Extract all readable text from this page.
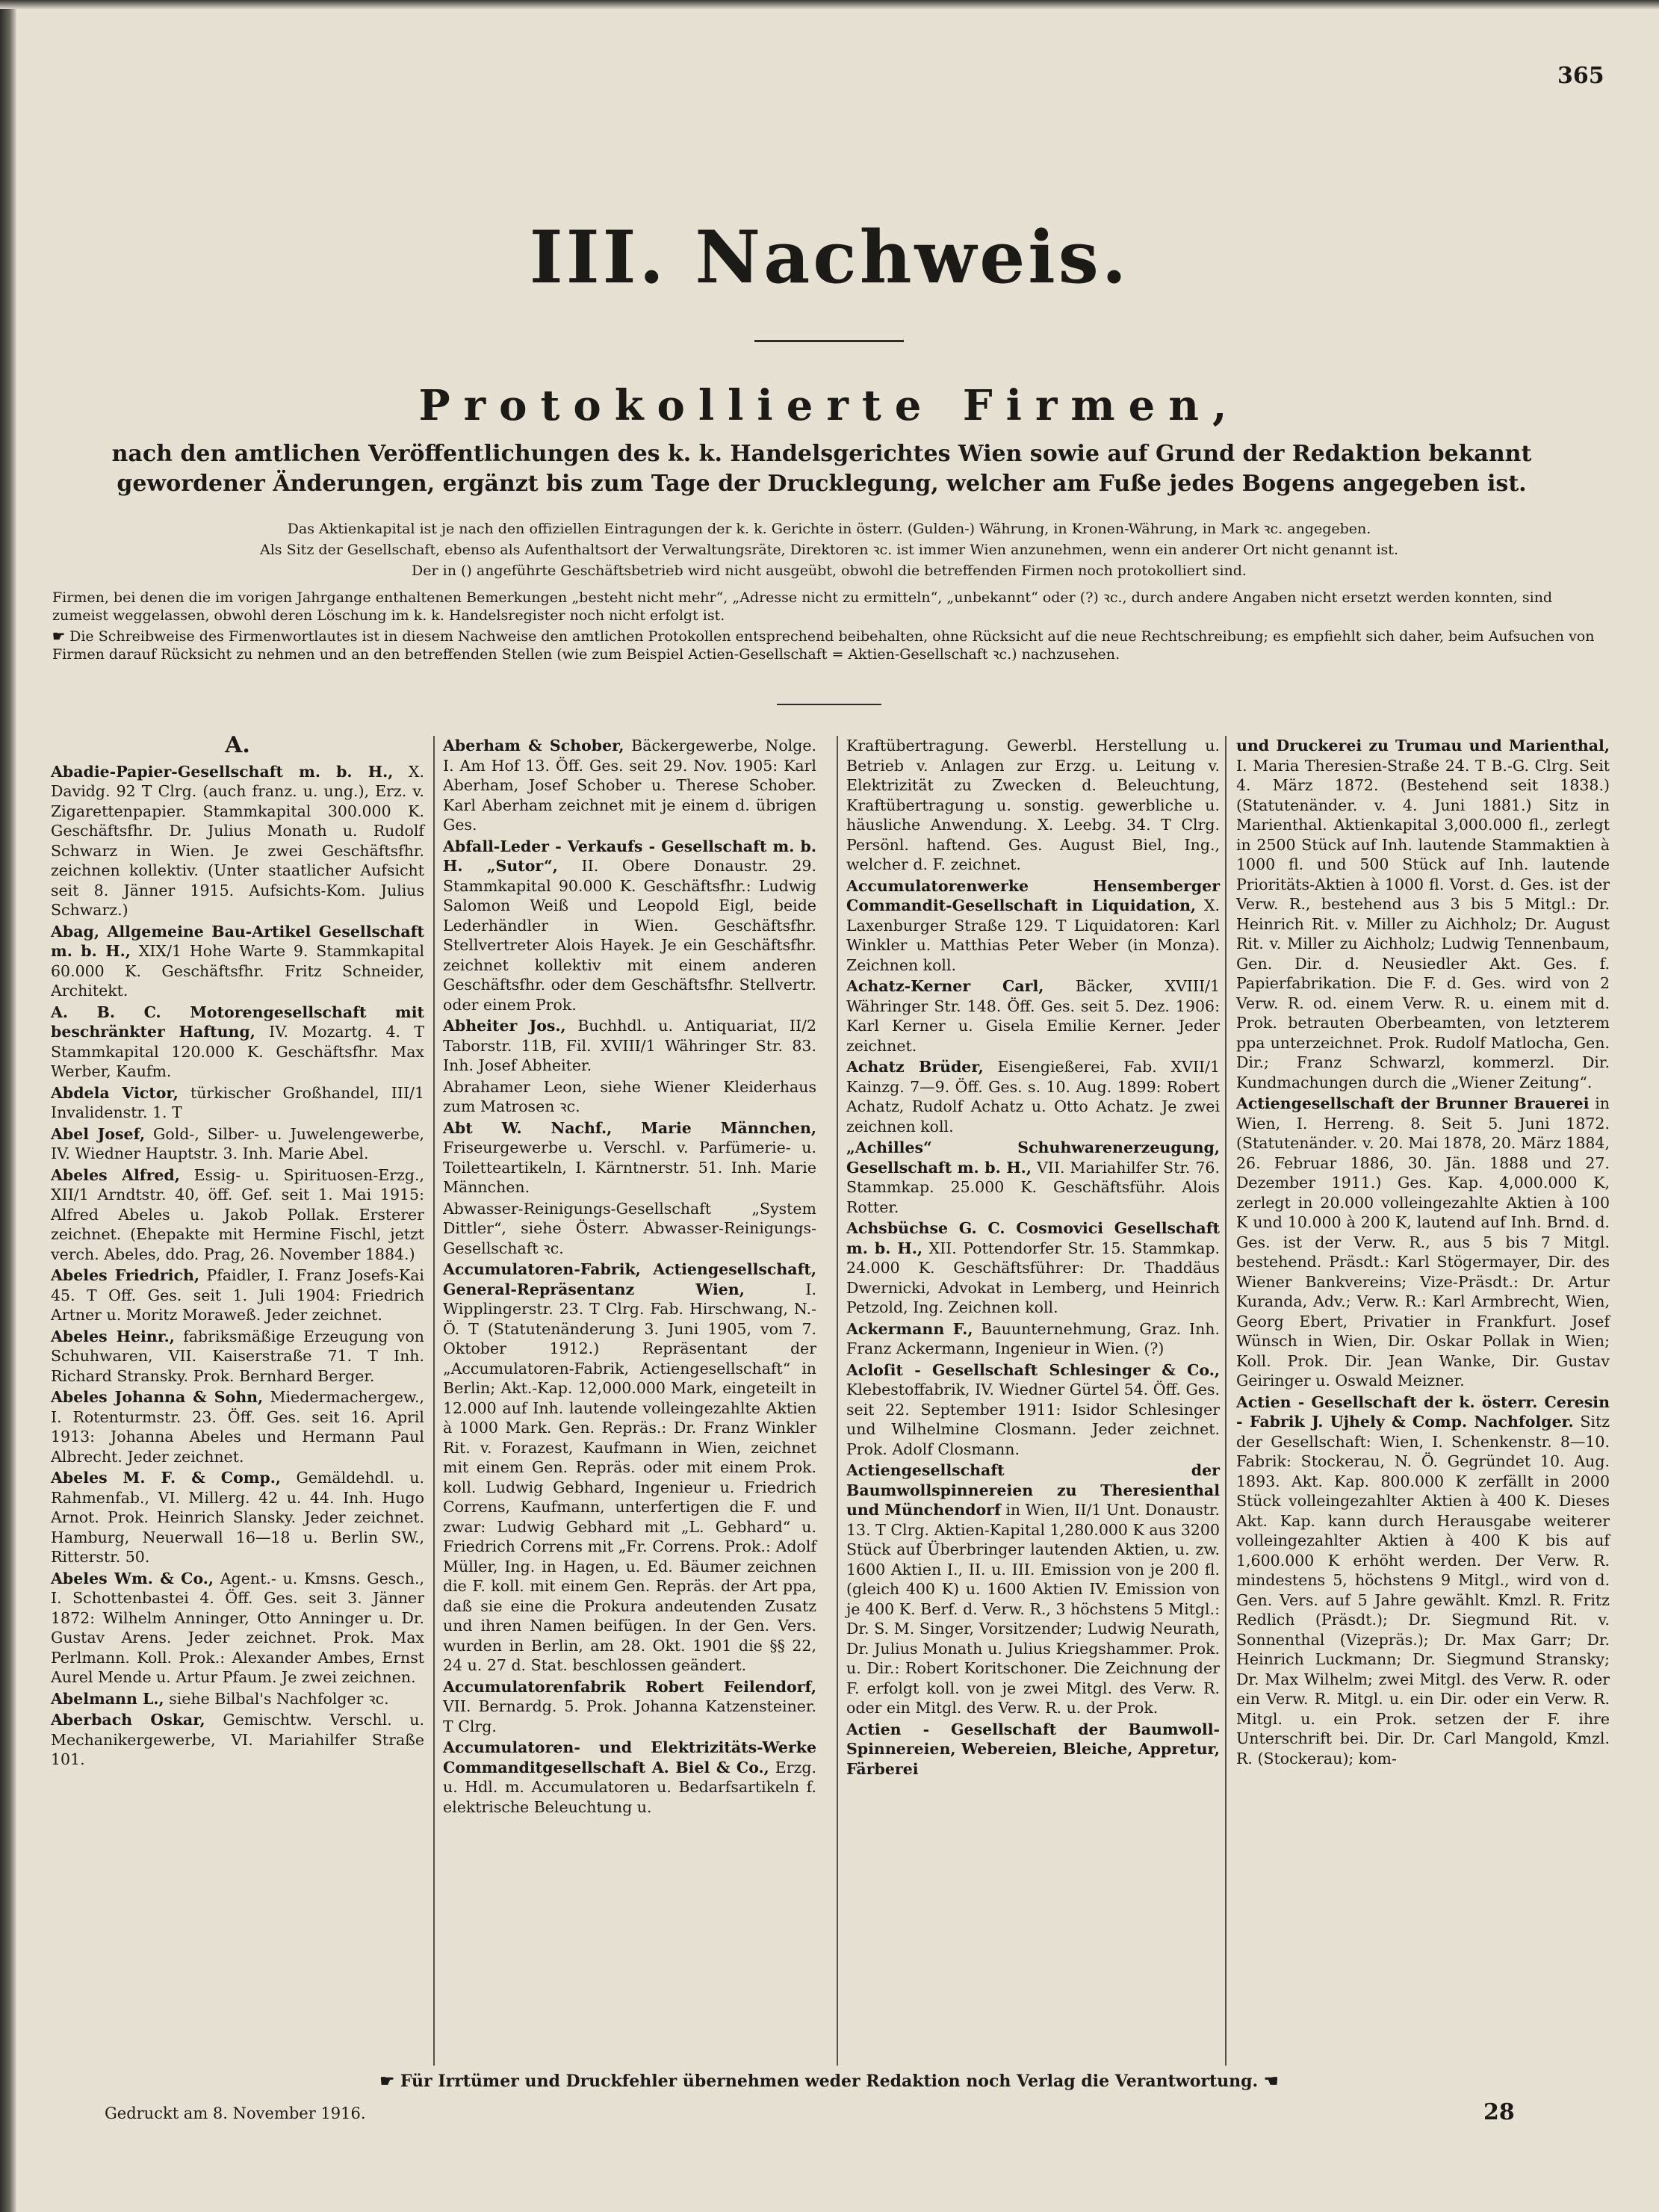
365
III. Nachweis.
Protokollierte Firmen,
nach den amtlichen Veröffentlichungen des k. k. Handelsgerichtes Wien sowie auf Grund der Redaktion bekannt gewordener Änderungen, ergänzt bis zum Tage der Drucklegung, welcher am Fuße jedes Bogens angegeben ist.
Das Aktienkapital ist je nach den offiziellen Eintragungen der k. k. Gerichte in österr. (Gulden-) Währung, in Kronen-Währung, in Mark ꝛc. angegeben.
Als Sitz der Gesellschaft, ebenso als Aufenthaltsort der Verwaltungsräte, Direktoren ꝛc. ist immer Wien anzunehmen, wenn ein anderer Ort nicht genannt ist.
Der in () angeführte Geschäftsbetrieb wird nicht ausgeübt, obwohl die betreffenden Firmen noch protokolliert sind.
Firmen, bei denen die im vorigen Jahrgange enthaltenen Bemerkungen „besteht nicht mehr“, „Adresse nicht zu ermitteln“, „unbekannt“ oder (?) ꝛc., durch andere Angaben nicht ersetzt werden konnten, sind zumeist weggelassen, obwohl deren Löschung im k. k. Handelsregister noch nicht erfolgt ist.
☛ Die Schreibweise des Firmenwortlautes ist in diesem Nachweise den amtlichen Protokollen entsprechend beibehalten, ohne Rücksicht auf die neue Rechtschreibung; es empfiehlt sich daher, beim Aufsuchen von Firmen darauf Rücksicht zu nehmen und an den betreffenden Stellen (wie zum Beispiel Actien-Gesellschaft = Aktien-Gesellschaft ꝛc.) nachzusehen.
A.
Abadie-Papier-Gesellschaft m. b. H., X. Davidg. 92 T Clrg. (auch franz. u. ung.), Erz. v. Zigarettenpapier. Stammkapital 300.000 K. Geschäftsfhr. Dr. Julius Monath u. Rudolf Schwarz in Wien. Je zwei Geschäftsfhr. zeichnen kollektiv. (Unter staatlicher Aufsicht seit 8. Jänner 1915. Aufsichts-Kom. Julius Schwarz.)
Abag, Allgemeine Bau-Artikel Gesellschaft m. b. H., XIX/1 Hohe Warte 9. Stammkapital 60.000 K. Geschäftsfhr. Fritz Schneider, Architekt.
A. B. C. Motorengesellschaft mit beschränkter Haftung, IV. Mozartg. 4. T Stammkapital 120.000 K. Geschäftsfhr. Max Werber, Kaufm.
Abdela Victor, türkischer Großhandel, III/1 Invalidenstr. 1. T
Abel Josef, Gold-, Silber- u. Juwelengewerbe, IV. Wiedner Hauptstr. 3. Inh. Marie Abel.
Abeles Alfred, Essig- u. Spirituosen-Erzg., XII/1 Arndtstr. 40, öff. Gef. seit 1. Mai 1915: Alfred Abeles u. Jakob Pollak. Ersterer zeichnet. (Ehepakte mit Hermine Fischl, jetzt verch. Abeles, ddo. Prag, 26. November 1884.)
Abeles Friedrich, Pfaidler, I. Franz Josefs-Kai 45. T Off. Ges. seit 1. Juli 1904: Friedrich Artner u. Moritz Moraweß. Jeder zeichnet.
Abeles Heinr., fabriksmäßige Erzeugung von Schuhwaren, VII. Kaiserstraße 71. T Inh. Richard Stransky. Prok. Bernhard Berger.
Abeles Johanna & Sohn, Miedermachergew., I. Rotenturmstr. 23. Öff. Ges. seit 16. April 1913: Johanna Abeles und Hermann Paul Albrecht. Jeder zeichnet.
Abeles M. F. & Comp., Gemäldehdl. u. Rahmenfab., VI. Millerg. 42 u. 44. Inh. Hugo Arnot. Prok. Heinrich Slansky. Jeder zeichnet. Hamburg, Neuerwall 16—18 u. Berlin SW., Ritterstr. 50.
Abeles Wm. & Co., Agent.- u. Kmsns. Gesch., I. Schottenbastei 4. Öff. Ges. seit 3. Jänner 1872: Wilhelm Anninger, Otto Anninger u. Dr. Gustav Arens. Jeder zeichnet. Prok. Max Perlmann. Koll. Prok.: Alexander Ambes, Ernst Aurel Mende u. Artur Pfaum. Je zwei zeichnen.
Abelmann L., siehe Bilbal's Nachfolger ꝛc.
Aberbach Oskar, Gemischtw. Verschl. u. Mechanikergewerbe, VI. Mariahilfer Straße 101.
Aberham & Schober, Bäckergewerbe, Nolge. I. Am Hof 13. Öff. Ges. seit 29. Nov. 1905: Karl Aberham, Josef Schober u. Therese Schober. Karl Aberham zeichnet mit je einem d. übrigen Ges.
Abfall-Leder - Verkaufs - Gesellschaft m. b. H. „Sutor“, II. Obere Donaustr. 29. Stammkapital 90.000 K. Geschäftsfhr.: Ludwig Salomon Weiß und Leopold Eigl, beide Lederhändler in Wien. Geschäftsfhr. Stellvertreter Alois Hayek. Je ein Geschäftsfhr. zeichnet kollektiv mit einem anderen Geschäftsfhr. oder dem Geschäftsfhr. Stellvertr. oder einem Prok.
Abheiter Jos., Buchhdl. u. Antiquariat, II/2 Taborstr. 11B, Fil. XVIII/1 Währinger Str. 83. Inh. Josef Abheiter.
Abrahamer Leon, siehe Wiener Kleiderhaus zum Matrosen ꝛc.
Abt W. Nachf., Marie Männchen, Friseurgewerbe u. Verschl. v. Parfümerie- u. Toiletteartikeln, I. Kärntnerstr. 51. Inh. Marie Männchen.
Abwasser-Reinigungs-Gesellschaft „System Dittler“, siehe Österr. Abwasser-Reinigungs-Gesellschaft ꝛc.
Accumulatoren-Fabrik, Actiengesellschaft, General-Repräsentanz Wien,	I. Wipplingerstr. 23. T Clrg. Fab. Hirschwang, N.-Ö. T (Statutenänderung 3. Juni 1905, vom 7. Oktober 1912.) Repräsentant der „Accumulatoren-Fabrik, Actiengesellschaft“ in Berlin; Akt.-Kap. 12,000.000 Mark, eingeteilt in 12.000 auf Inh. lautende volleingezahlte Aktien à 1000 Mark. Gen. Repräs.: Dr. Franz Winkler Rit. v. Forazest, Kaufmann in Wien, zeichnet mit einem Gen. Repräs. oder mit einem Prok. koll. Ludwig Gebhard, Ingenieur u. Friedrich Correns, Kaufmann, unterfertigen die F. und zwar: Ludwig Gebhard mit „L. Gebhard“ u. Friedrich Correns mit „Fr. Correns. Prok.: Adolf Müller, Ing. in Hagen, u. Ed. Bäumer zeichnen die F. koll. mit einem Gen. Repräs. der Art ppa, daß sie eine die Prokura andeutenden Zusatz und ihren Namen beifügen. In der Gen. Vers. wurden in Berlin, am 28. Okt. 1901 die §§ 22, 24 u. 27 d. Stat. beschlossen geändert.
Accumulatorenfabrik Robert Feilendorf, VII. Bernardg. 5. Prok. Johanna Katzensteiner. T Clrg.
Accumulatoren- und Elektrizitäts-Werke Commanditgesellschaft A. Biel & Co., Erzg. u. Hdl. m. Accumulatoren u. Bedarfsartikeln f. elektrische Beleuchtung u.
Kraftübertragung. Gewerbl. Herstellung u. Betrieb v. Anlagen zur Erzg. u. Leitung v. Elektrizität zu Zwecken d. Beleuchtung, Kraftübertragung u. sonstig. gewerbliche u. häusliche Anwendung. X. Leebg. 34. T Clrg. Persönl. haftend. Ges. August Biel, Ing., welcher d. F. zeichnet.
Accumulatorenwerke Hensemberger Commandit-Gesellschaft in Liquidation, X. Laxenburger Straße 129. T Liquidatoren: Karl Winkler u. Matthias Peter Weber (in Monza). Zeichnen koll.
Achatz-Kerner Carl, Bäcker, XVIII/1 Währinger Str. 148. Öff. Ges. seit 5. Dez. 1906: Karl Kerner u. Gisela Emilie Kerner. Jeder zeichnet.
Achatz Brüder, Eisengießerei, Fab. XVII/1 Kainzg. 7—9. Öff. Ges. s. 10. Aug. 1899: Robert Achatz, Rudolf Achatz u. Otto Achatz. Je zwei zeichnen koll.
„Achilles“ Schuhwarenerzeugung, Gesellschaft m. b. H., VII. Mariahilfer Str. 76. Stammkap. 25.000 K. Geschäftsführ. Alois Rotter.
Achsbüchse G. C. Cosmovici Gesellschaft m. b. H., XII. Pottendorfer Str. 15. Stammkap. 24.000 K. Geschäftsführer: Dr. Thaddäus Dwernicki, Advokat in Lemberg, und Heinrich Petzold, Ing. Zeichnen koll.
Ackermann F., Bauunternehmung, Graz. Inh. Franz Ackermann, Ingenieur in Wien. (?)
Acloſit - Gesellschaft Schlesinger & Co., Klebestoffabrik, IV. Wiedner Gürtel 54. Öff. Ges. seit 22. September 1911: Isidor Schlesinger und Wilhelmine Closmann. Jeder zeichnet. Prok. Adolf Closmann.
Actiengesellschaft der Baumwollspinnereien zu Theresienthal und Münchendorf in Wien, II/1 Unt. Donaustr. 13. T Clrg. Aktien-Kapital 1,280.000 K aus 3200 Stück auf Überbringer lautenden Aktien, u. zw. 1600 Aktien I., II. u. III. Emission von je 200 fl. (gleich 400 K) u. 1600 Aktien IV. Emission von je 400 K. Berf. d. Verw. R., 3 höchstens 5 Mitgl.: Dr. S. M. Singer, Vorsitzender; Ludwig Neurath, Dr. Julius Monath u. Julius Kriegshammer. Prok. u. Dir.: Robert Koritschoner. Die Zeichnung der F. erfolgt koll. von je zwei Mitgl. des Verw. R. oder ein Mitgl. des Verw. R. u. der Prok.
Actien - Gesellschaft der Baumwoll-Spinnereien, Webereien, Bleiche, Appretur, Färberei
und Druckerei zu Trumau und Marienthal, I. Maria Theresien-Straße 24. T B.-G. Clrg. Seit 4. März 1872. (Bestehend seit 1838.) (Statutenänder. v. 4. Juni 1881.) Sitz in Marienthal. Aktienkapital 3,000.000 fl., zerlegt in 2500 Stück auf Inh. lautende Stammaktien à 1000 fl. und 500 Stück auf Inh. lautende Prioritäts-Aktien à 1000 fl. Vorst. d. Ges. ist der Verw. R., bestehend aus 3 bis 5 Mitgl.: Dr. Heinrich Rit. v. Miller zu Aichholz; Dr. August Rit. v. Miller zu Aichholz; Ludwig Tennenbaum, Gen. Dir. d. Neusiedler Akt. Ges. f. Papierfabrikation. Die F. d. Ges. wird von 2 Verw. R. od. einem Verw. R. u. einem mit d. Prok. betrauten Oberbeamten, von letzterem ppa unterzeichnet. Prok. Rudolf Matlocha, Gen. Dir.; Franz Schwarzl, kommerzl. Dir. Kundmachungen durch die „Wiener Zeitung“.
Actiengesellschaft der Brunner Brauerei in Wien, I. Herreng. 8. Seit 5. Juni 1872. (Statutenänder. v. 20. Mai 1878, 20. März 1884, 26. Februar 1886, 30. Jän. 1888 und 27. Dezember 1911.) Ges. Kap. 4,000.000 K, zerlegt in 20.000 volleingezahlte Aktien à 100 K und 10.000 à 200 K, lautend auf Inh. Brnd. d. Ges. ist der Verw. R., aus 5 bis 7 Mitgl. bestehend. Präsdt.: Karl Stögermayer, Dir. des Wiener Bankvereins; Vize-Präsdt.: Dr. Artur Kuranda, Adv.; Verw. R.: Karl Armbrecht, Wien, Georg Ebert, Privatier in Frankfurt. Josef Wünsch in Wien, Dir. Oskar Pollak in Wien; Koll. Prok. Dir. Jean Wanke, Dir. Gustav Geiringer u. Oswald Meizner.
Actien - Gesellschaft der k. österr. Ceresin - Fabrik J. Ujhely & Comp. Nachfolger. Sitz der Gesellschaft: Wien, I. Schenkenstr. 8—10. Fabrik: Stockerau, N. Ö. Gegründet 10. Aug. 1893. Akt. Kap. 800.000 K zerfällt in 2000 Stück volleingezahlter Aktien à 400 K. Dieses Akt. Kap. kann durch Herausgabe weiterer volleingezahlter Aktien à 400 K bis auf 1,600.000 K erhöht werden. Der Verw. R. mindestens 5, höchstens 9 Mitgl., wird von d. Gen. Vers. auf 5 Jahre gewählt. Kmzl. R. Fritz Redlich (Präsdt.); Dr. Siegmund Rit. v. Sonnenthal (Vizepräs.); Dr. Max Garr; Dr. Heinrich Luckmann; Dr. Siegmund Stransky; Dr. Max Wilhelm; zwei Mitgl. des Verw. R. oder ein Verw. R. Mitgl. u. ein Dir. oder ein Verw. R. Mitgl. u. ein Prok. setzen der F. ihre Unterschrift bei. Dir. Dr. Carl Mangold, Kmzl. R. (Stockerau); kom-
☛ Für Irrtümer und Druckfehler übernehmen weder Redaktion noch Verlag die Verantwortung. ☚
Gedruckt am 8. November 1916.	28
